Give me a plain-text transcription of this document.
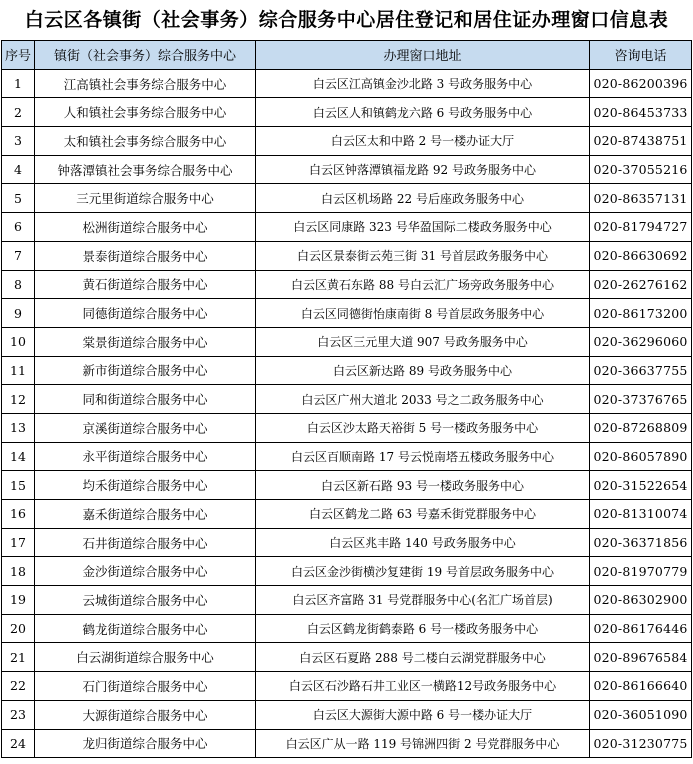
白云区各镇街（社会事务）综合服务中心居住登记和居住证办理窗口信息表
序号	镇街（社会事务）综合服务中心	办理窗口地址	咨询电话
1	江高镇社会事务综合服务中心	白云区江高镇金沙北路 3 号政务服务中心	020-86200396
2	人和镇社会事务综合服务中心	白云区人和镇鹤龙六路 6 号政务服务中心	020-86453733
3	太和镇社会事务综合服务中心	白云区太和中路 2 号一楼办证大厅	020-87438751
4	钟落潭镇社会事务综合服务中心	白云区钟落潭镇福龙路 92 号政务服务中心	020-37055216
5	三元里街道综合服务中心	白云区机场路 22 号后座政务服务中心	020-86357131
6	松洲街道综合服务中心	白云区同康路 323 号华盈国际二楼政务服务中心	020-81794727
7	景泰街道综合服务中心	白云区景泰街云苑三街 31 号首层政务服务中心	020-86630692
8	黄石街道综合服务中心	白云区黄石东路 88 号白云汇广场旁政务服务中心	020-26276162
9	同德街道综合服务中心	白云区同德街怡康南街 8 号首层政务服务中心	020-86173200
10	棠景街道综合服务中心	白云区三元里大道 907 号政务服务中心	020-36296060
11	新市街道综合服务中心	白云区新达路 89 号政务服务中心	020-36637755
12	同和街道综合服务中心	白云区广州大道北 2033 号之二政务服务中心	020-37376765
13	京溪街道综合服务中心	白云区沙太路天裕街 5 号一楼政务服务中心	020-87268809
14	永平街道综合服务中心	白云区百顺南路 17 号云悦南塔五楼政务服务中心	020-86057890
15	均禾街道综合服务中心	白云区新石路 93 号一楼政务服务中心	020-31522654
16	嘉禾街道综合服务中心	白云区鹤龙二路 63 号嘉禾街党群服务中心	020-81310074
17	石井街道综合服务中心	白云区兆丰路 140 号政务服务中心	020-36371856
18	金沙街道综合服务中心	白云区金沙街横沙复建街 19 号首层政务服务中心	020-81970779
19	云城街道综合服务中心	白云区齐富路 31 号党群服务中心(名汇广场首层)	020-86302900
20	鹤龙街道综合服务中心	白云区鹤龙街鹤泰路 6 号一楼政务服务中心	020-86176446
21	白云湖街道综合服务中心	白云区石夏路 288 号二楼白云湖党群服务中心	020-89676584
22	石门街道综合服务中心	白云区石沙路石井工业区一横路12号政务服务中心	020-86166640
23	大源街道综合服务中心	白云区大源街大源中路 6 号一楼办证大厅	020-36051090
24	龙归街道综合服务中心	白云区广从一路 119 号锦洲四街 2 号党群服务中心	020-31230775
